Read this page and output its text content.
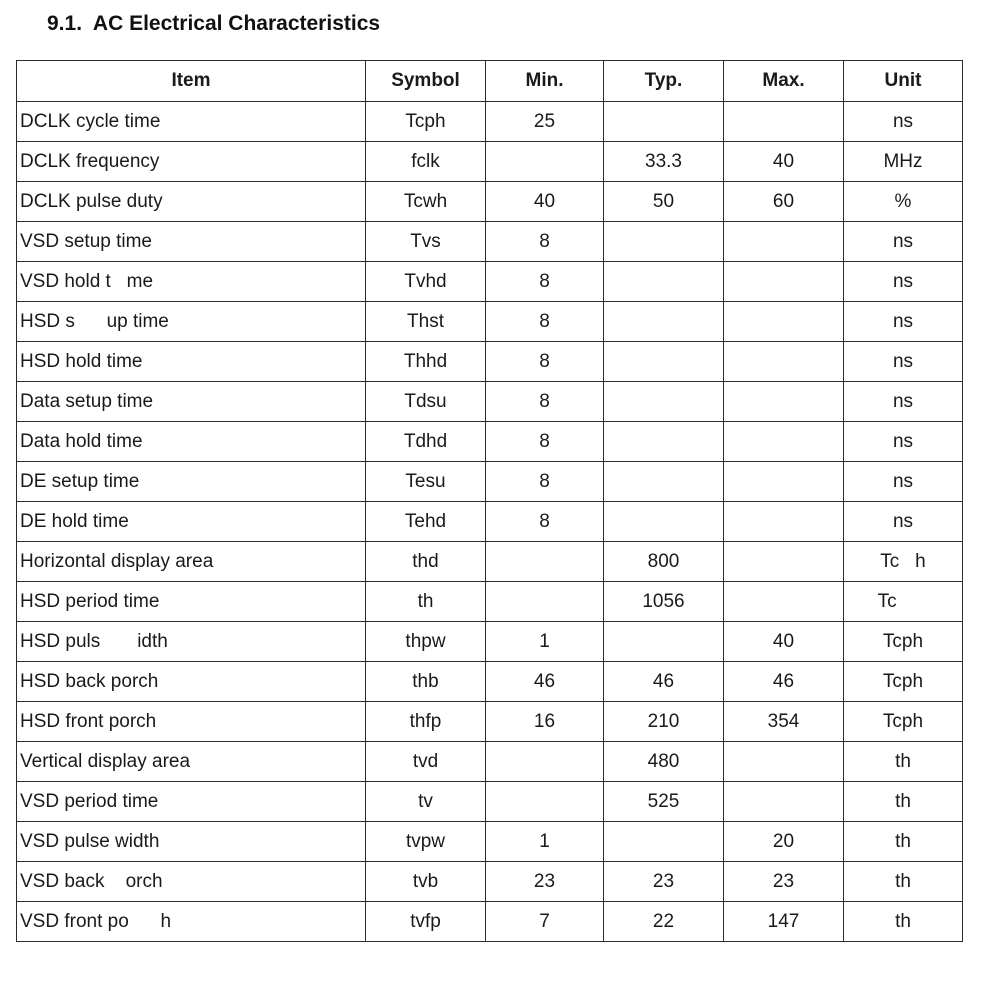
9.1.  AC Electrical Characteristics
Item	Symbol	Min.	Typ.	Max.	Unit
DCLK cycle time	Tcph	25			ns
DCLK frequency	fclk		33.3	40	MHz
DCLK pulse duty	Tcwh	40	50	60	%
VSD setup time	Tvs	8			ns
VSD hold t   me	Tvhd	8			ns
HSD s      up time	Thst	8			ns
HSD hold time	Thhd	8			ns
Data setup time	Tdsu	8			ns
Data hold time	Tdhd	8			ns
DE setup time	Tesu	8			ns
DE hold time	Tehd	8			ns
Horizontal display area	thd		800		Tc   h
HSD period time	th		1056		Tc
HSD puls       idth	thpw	1		40	Tcph
HSD back porch	thb	46	46	46	Tcph
HSD front porch	thfp	16	210	354	Tcph
Vertical display area	tvd		480		th
VSD period time	tv		525		th
VSD pulse width	tvpw	1		20	th
VSD back    orch	tvb	23	23	23	th
VSD front po      h	tvfp	7	22	147	th
